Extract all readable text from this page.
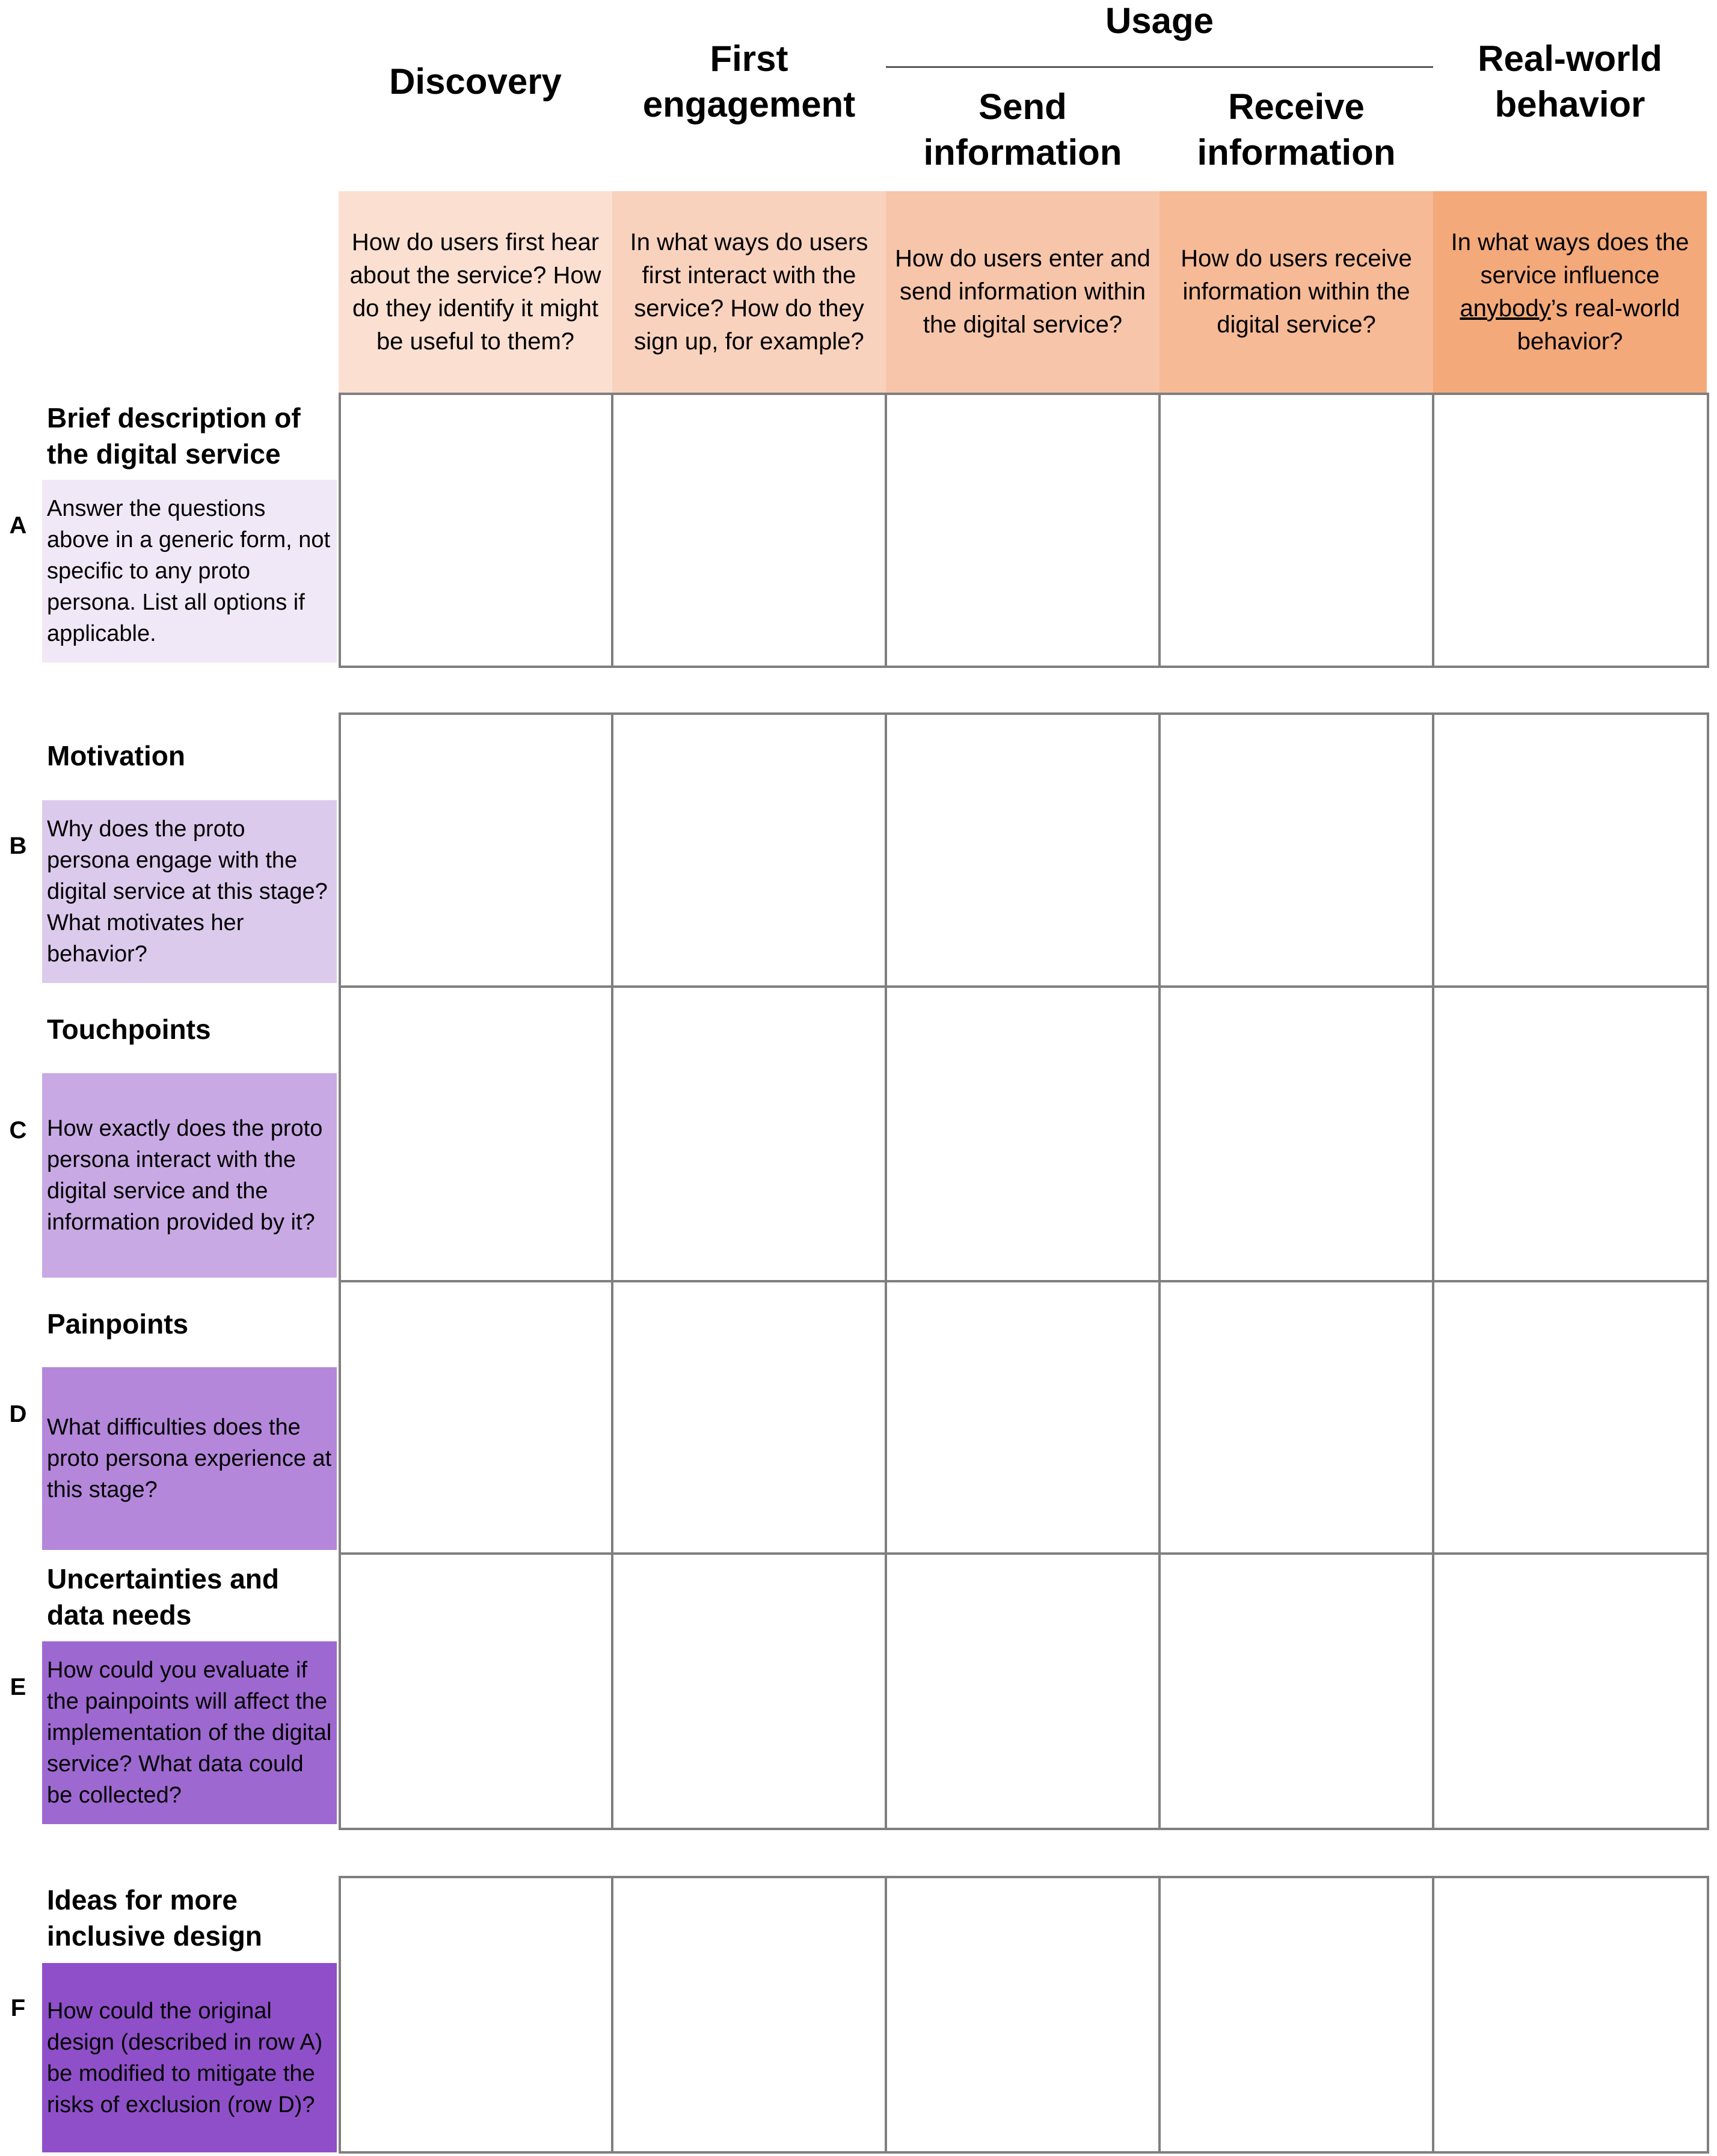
Discovery
First
engagement
Usage
Send
information
Receive
information
Real-world
behavior
How do users first hear about the service? How do they identify it might be useful to them?
In what ways do users first interact with the service? How do they sign up, for example?
How do users enter and send information within the digital service?
How do users receive information within the digital service?
In what ways does the service influence anybody’s real-world behavior?
Brief description of the digital service
A
Answer the questions above in a generic form, not specific to any proto persona. List all options if applicable.
Motivation
B
Why does the proto persona engage with the digital service at this stage? What motivates her behavior?
Touchpoints
C How exactly does the proto persona interact with the digital service and the information provided by it?
Painpoints
D What difficulties does the proto persona experience at this stage?
Uncertainties and data needs
E
How could you evaluate if the painpoints will affect the implementation of the digital service? What data could be collected?
Ideas for more inclusive design
F How could the original design (described in row A) be modified to mitigate the risks of exclusion (row D)?
